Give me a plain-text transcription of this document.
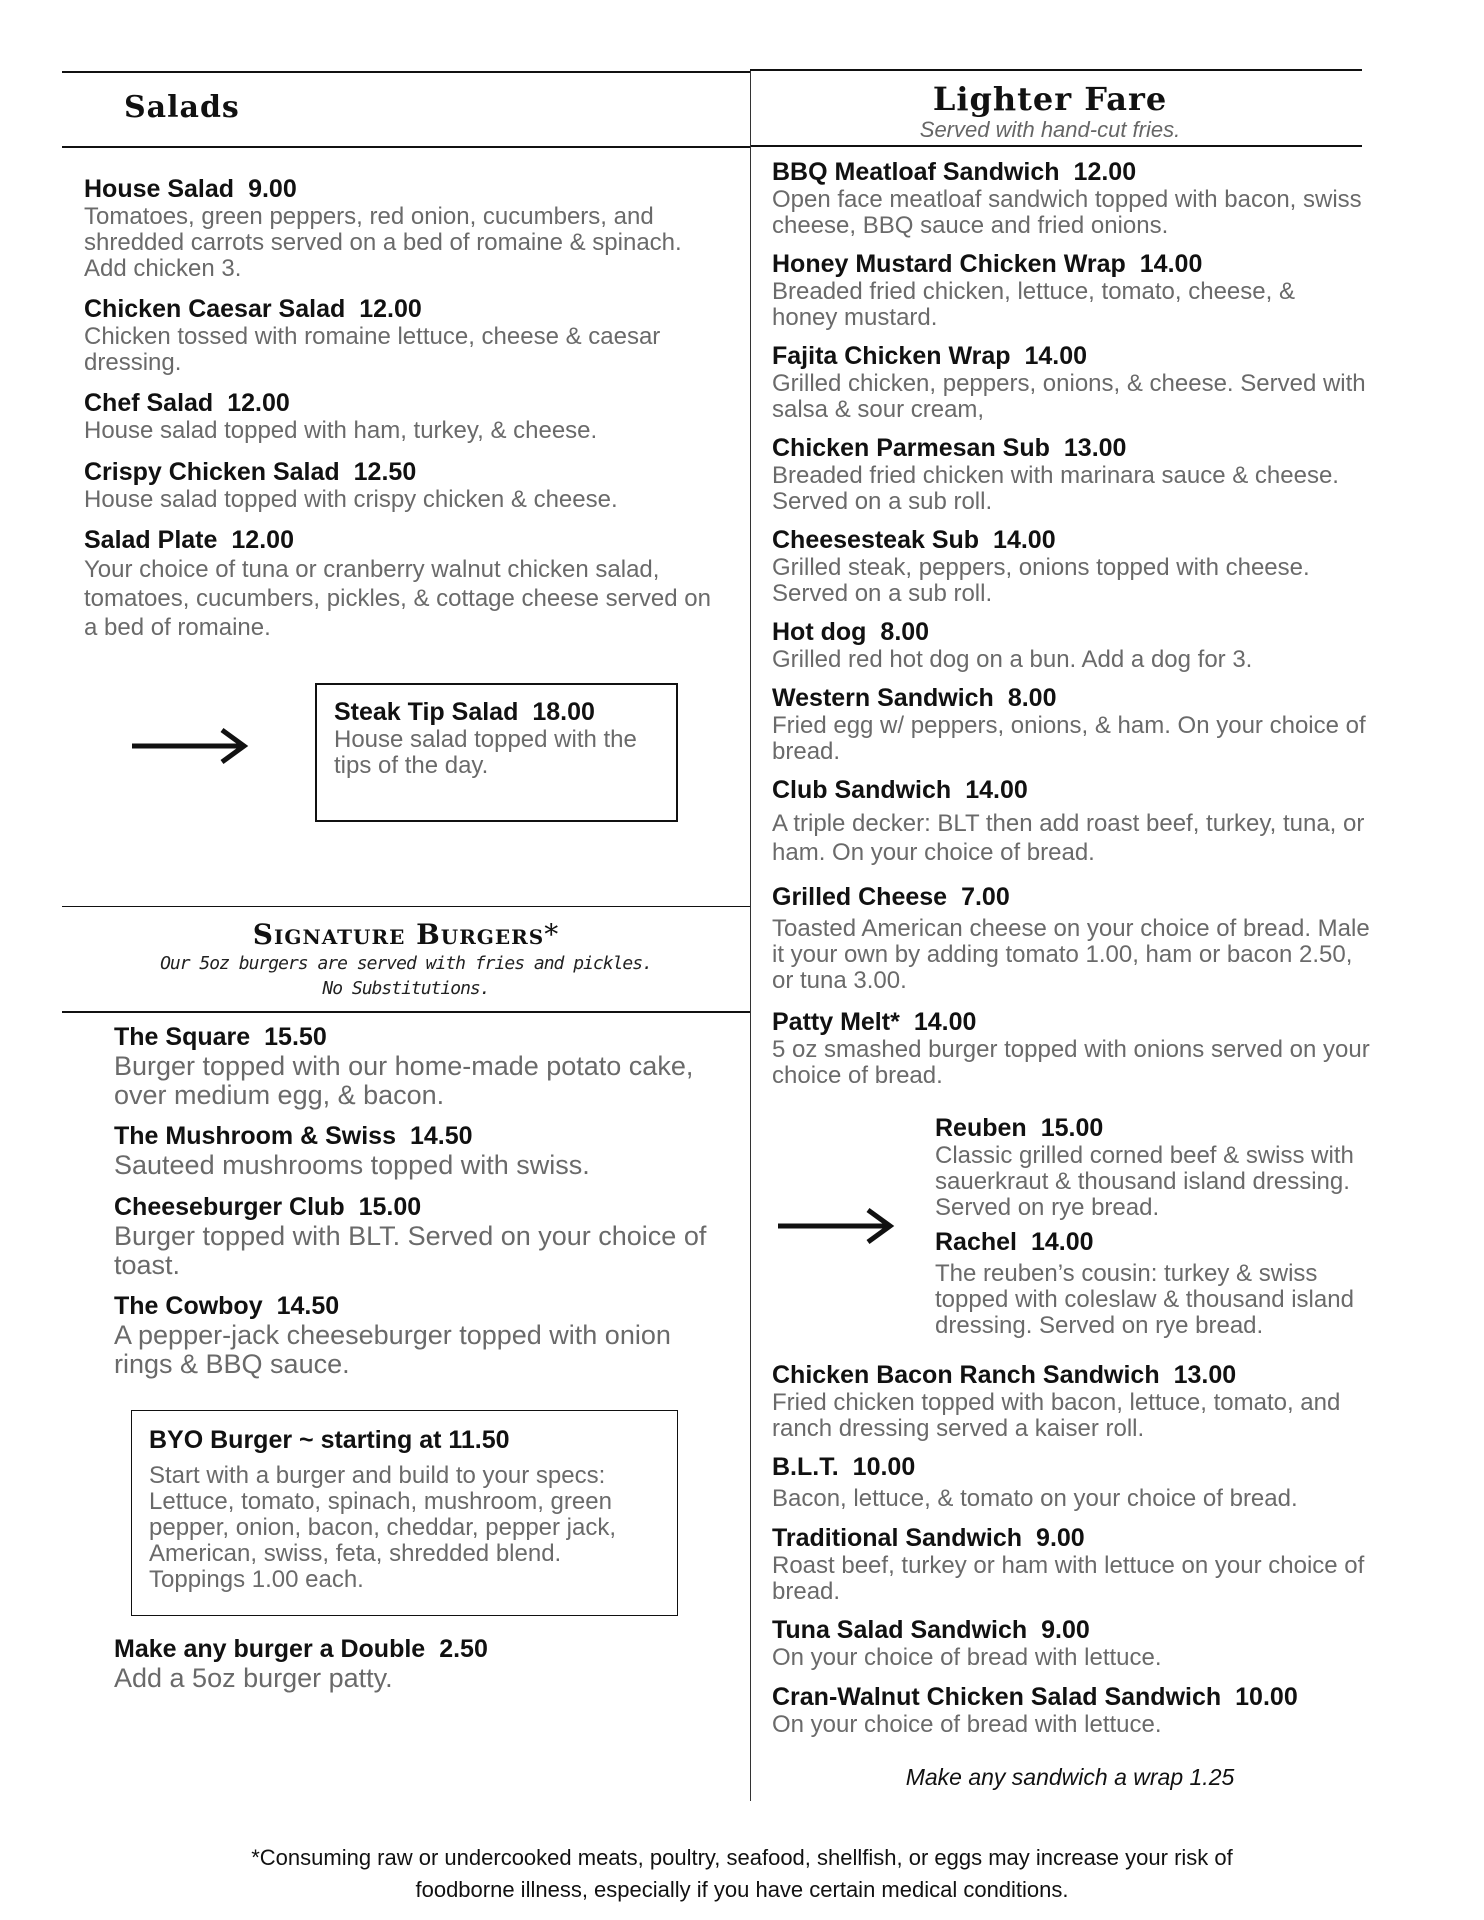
Salads	Lighter Fare
Served with hand-cut fries.
Signature Burgers*
Our 5oz burgers are served with fries and pickles.
No Substitutions.
House Salad 9.00
Tomatoes, green peppers, red onion, cucumbers, and shredded carrots served on a bed of romaine & spinach. Add chicken 3.
Chicken Caesar Salad 12.00
Chicken tossed with romaine lettuce, cheese & caesar dressing.
Chef Salad 12.00
House salad topped with ham, turkey, & cheese.
Crispy Chicken Salad 12.50
House salad topped with crispy chicken & cheese.
Salad Plate 12.00
Your choice of tuna or cranberry walnut chicken salad, tomatoes, cucumbers, pickles, & cottage cheese served on a bed of romaine.
Steak Tip Salad 18.00
House salad topped with the tips of the day.
The Square 15.50
Burger topped with our home-made potato cake, over medium egg, & bacon.
The Mushroom & Swiss 14.50
Sauteed mushrooms topped with swiss.
Cheeseburger Club 15.00
Burger topped with BLT. Served on your choice of toast.
The Cowboy 14.50
A pepper-jack cheeseburger topped with onion rings & BBQ sauce.
BYO Burger ~ starting at 11.50
Start with a burger and build to your specs: Lettuce, tomato, spinach, mushroom, green pepper, onion, bacon, cheddar, pepper jack, American, swiss, feta, shredded blend. Toppings 1.00 each.
Make any burger a Double 2.50
Add a 5oz burger patty.
BBQ Meatloaf Sandwich 12.00
Open face meatloaf sandwich topped with bacon, swiss cheese, BBQ sauce and fried onions.
Honey Mustard Chicken Wrap 14.00
Breaded fried chicken, lettuce, tomato, cheese, & honey mustard.
Fajita Chicken Wrap 14.00
Grilled chicken, peppers, onions, & cheese. Served with salsa & sour cream,
Chicken Parmesan Sub 13.00
Breaded fried chicken with marinara sauce & cheese. Served on a sub roll.
Cheesesteak Sub 14.00
Grilled steak, peppers, onions topped with cheese. Served on a sub roll.
Hot dog 8.00
Grilled red hot dog on a bun. Add a dog for 3.
Western Sandwich 8.00
Fried egg w/ peppers, onions, & ham. On your choice of bread.
Club Sandwich 14.00
A triple decker: BLT then add roast beef, turkey, tuna, or ham. On your choice of bread.
Grilled Cheese 7.00
Toasted American cheese on your choice of bread. Male it your own by adding tomato 1.00, ham or bacon 2.50, or tuna 3.00.
Patty Melt* 14.00
5 oz smashed burger topped with onions served on your choice of bread.
Reuben 15.00
Classic grilled corned beef & swiss with sauerkraut & thousand island dressing. Served on rye bread.
Rachel 14.00
The reuben’s cousin: turkey & swiss topped with coleslaw & thousand island dressing. Served on rye bread.
Chicken Bacon Ranch Sandwich 13.00
Fried chicken topped with bacon, lettuce, tomato, and ranch dressing served a kaiser roll.
B.L.T. 10.00
Bacon, lettuce, & tomato on your choice of bread.
Traditional Sandwich 9.00
Roast beef, turkey or ham with lettuce on your choice of bread.
Tuna Salad Sandwich 9.00
On your choice of bread with lettuce.
Cran-Walnut Chicken Salad Sandwich 10.00
On your choice of bread with lettuce.
Make any sandwich a wrap 1.25
*Consuming raw or undercooked meats, poultry, seafood, shellfish, or eggs may increase your risk of
foodborne illness, especially if you have certain medical conditions.
